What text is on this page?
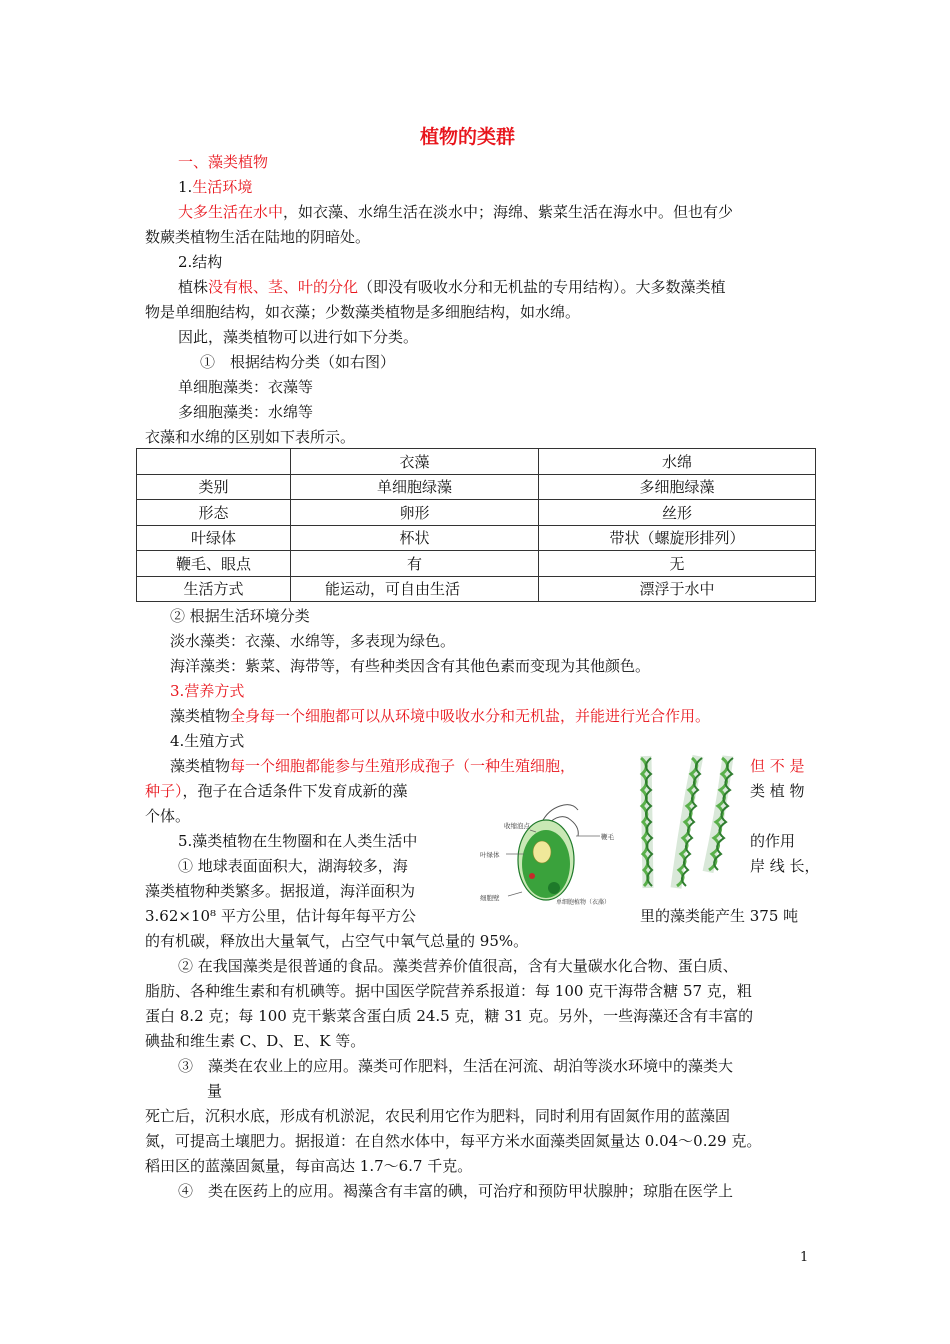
植物的类群
一、藻类植物
1.生活环境
大多生活在水中，如衣藻、水绵生活在淡水中；海绵、紫菜生活在海水中。但也有少
数蕨类植物生活在陆地的阴暗处。
2.结构
植株没有根、茎、叶的分化（即没有吸收水分和无机盐的专用结构）。大多数藻类植
物是单细胞结构，如衣藻；少数藻类植物是多细胞结构，如水绵。
因此，藻类植物可以进行如下分类。
①　根据结构分类（如右图）
单细胞藻类：衣藻等
多细胞藻类：水绵等
衣藻和水绵的区别如下表所示。
	衣藻	水绵
类别	单细胞绿藻	多细胞绿藻
形态	卵形	丝形
叶绿体	杯状	带状（螺旋形排列）
鞭毛、眼点	有	无
生活方式	能运动，可自由生活	漂浮于水中
② 根据生活环境分类
淡水藻类：衣藻、水绵等，多表现为绿色。
海洋藻类：紫菜、海带等，有些种类因含有其他色素而变现为其他颜色。
3.营养方式
藻类植物全身每一个细胞都可以从环境中吸收水分和无机盐，并能进行光合作用。
4.生殖方式
藻类植物每一个细胞都能参与生殖形成孢子（一种生殖细胞，	但 不 是
种子），孢子在合适条件下发育成新的藻	类 植 物
个体。
5.藻类植物在生物圈和在人类生活中	的作用
① 地球表面面积大，湖海较多，海	岸 线 长，
藻类植物种类繁多。据报道，海洋面积为
3.62×10⁸ 平方公里，估计每年每平方公	里的藻类能产生 375 吨
的有机碳，释放出大量氧气，占空气中氧气总量的 95%。
② 在我国藻类是很普通的食品。藻类营养价值很高，含有大量碳水化合物、蛋白质、
脂肪、各种维生素和有机碘等。据中国医学院营养系报道：每 100 克干海带含糖 57 克，粗
蛋白 8.2 克；每 100 克干紫菜含蛋白质 24.5 克，糖 31 克。另外，一些海藻还含有丰富的
碘盐和维生素 C、D、E、K 等。
③　藻类在农业上的应用。藻类可作肥料，生活在河流、胡泊等淡水环境中的藻类大
量
死亡后，沉积水底，形成有机淤泥，农民利用它作为肥料，同时利用有固氮作用的蓝藻固
氮，可提高土壤肥力。据报道：在自然水体中，每平方米水面藻类固氮量达 0.04～0.29 克。
稻田区的蓝藻固氮量，每亩高达 1.7～6.7 千克。
④　类在医药上的应用。褐藻含有丰富的碘，可治疗和预防甲状腺肿；琼脂在医学上
收缩泡点
鞭毛
叶绿体
细胞壁
单细胞植物（衣藻）
1
